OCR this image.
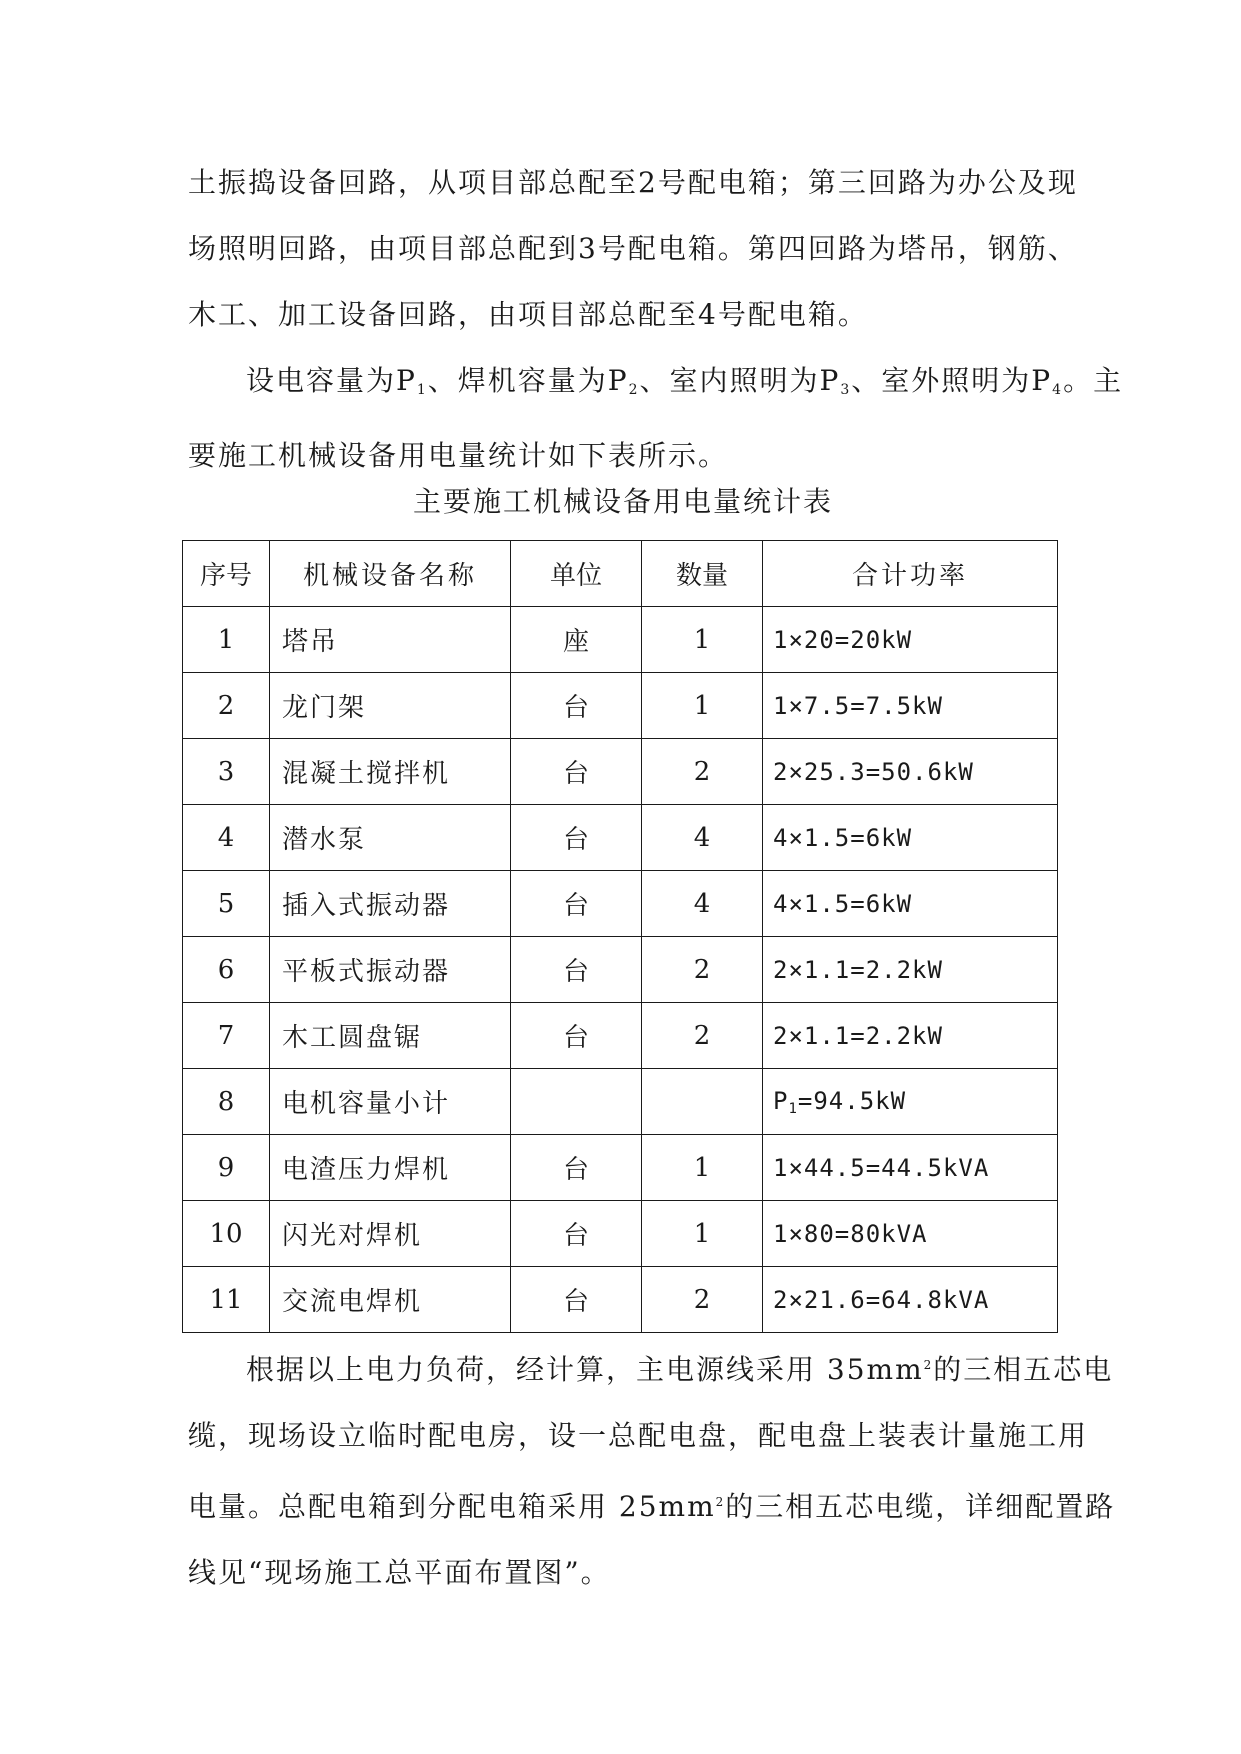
土振捣设备回路，从项目部总配至2号配电箱；第三回路为办公及现

场照明回路，由项目部总配到3号配电箱。第四回路为塔吊，钢筋、

木工、加工设备回路，由项目部总配至4号配电箱。

设电容量为$P_1$、焊机容量为$P_2$、室内照明为$P_3$、室外照明为$P_4$。主

要施工机械设备用电量统计如下表所示。

主要施工机械设备用电量统计表
序号	机械设备名称	单位	数量	合计功率
1	塔吊	座	1	1×20=20kW
2	龙门架	台	1	1×7.5=7.5kW
3	混凝土搅拌机	台	2	2×25.3=50.6kW
4	潜水泵	台	4	4×1.5=6kW
5	插入式振动器	台	4	4×1.5=6kW
6	平板式振动器	台	2	2×1.1=2.2kW
7	木工圆盘锯	台	2	2×1.1=2.2kW
8	电机容量小计			$P_1=94.5kW$
9	电渣压力焊机	台	1	1×44.5=44.5kVA
10	闪光对焊机	台	1	1×80=80kVA
11	交流电焊机	台	2	2×21.6=64.8kVA
根据以上电力负荷，经计算，主电源线采用 $35mm^2$的三相五芯电

缆，现场设立临时配电房，设一总配电盘，配电盘上装表计量施工用

电量。总配电箱到分配电箱采用 $25mm^2$的三相五芯电缆，详细配置路

线见“现场施工总平面布置图”。
